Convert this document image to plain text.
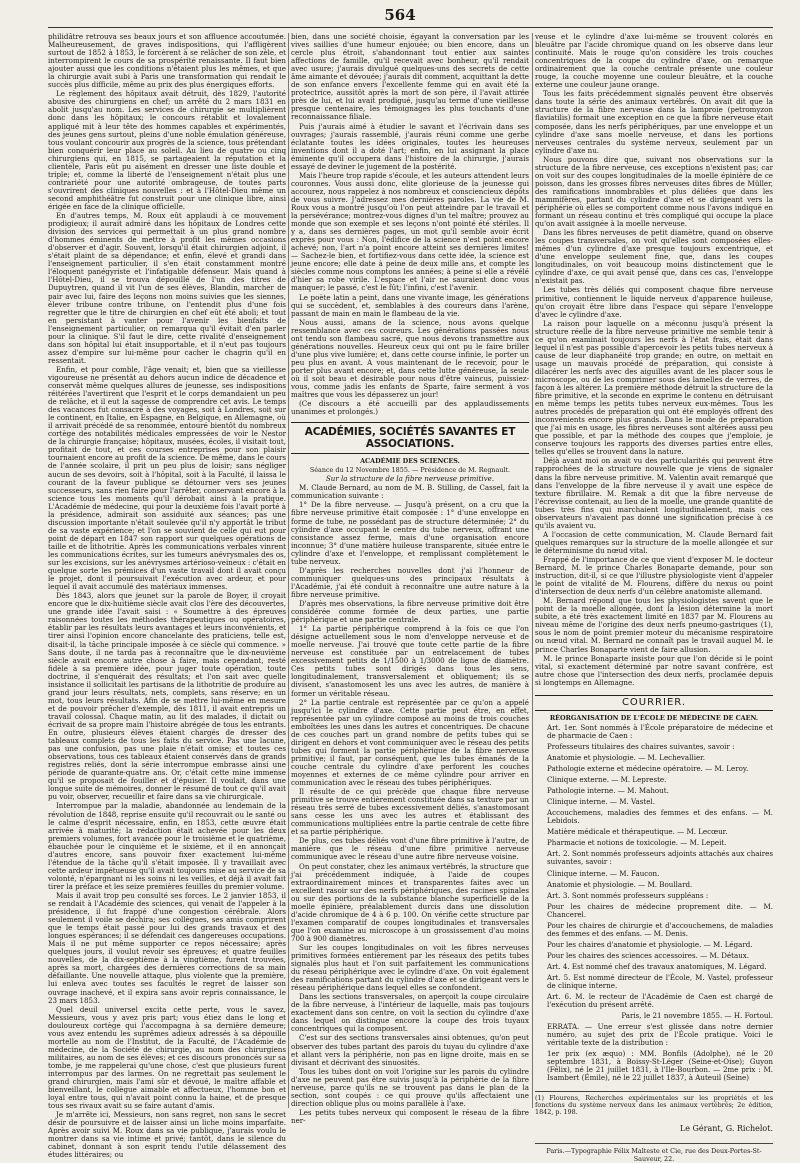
564

philidâtre retrouva ses beaux jours et son affluence accoutumée. Malheureusement, de graves indispositions, qui l'affligèrent surtout de 1852 à 1853, le forcèrent à se relâcher de son zèle, et interrompirent le cours de sa prospérité renaissante. Il faut bien ajouter aussi que les conditions n'étaient plus les mêmes, et que la chirurgie avait subi à Paris une transformation qui rendait le succès plus difficile, même au prix des plus énergiques efforts.

Le règlement des hôpitaux avait détruit, dès 1829, l'autorité abusive des chirurgiens en chef; un arrêté du 2 mars 1831 en abolit jusqu'au nom. Les services de chirurgie se multiplièrent donc dans les hôpitaux; le concours rétablit et lovalement appliqué mit à leur tête des hommes capables et expérimentés, des jeunes gens surtout, pleins d'une noble émulation généreuse, tous voulant concourir aux progrès de la science, tous prétendant bien conquérir leur place au soleil. Au lieu de quatre ou cinq chirurgiens qui, en 1815, se partageaient la réputation et la clientèle, Paris eût pu aisément en dresser une liste double et triple; et, comme la liberté de l'enseignement n'était plus une contrariété pour une autorité ombrageuse, de toutes parts s'ouvrirent des cliniques nouvelles : et à l'Hôtel-Dieu même un second amphithéâtre fut construit pour une clinique libre, ainsi érigée en face de la clinique officielle.

En d'autres temps, M. Roux eût applaudi à ce mouvement prodigieux; il aurait admiré dans les hôpitaux de Londres cette division des services qui permettait à un plus grand nombre d'hommes éminents de mettre à profit les mêmes occasions d'observer et d'agir. Souvent, lorsqu'il était chirurgien adjoint, il s'était plaint de sa dépendance; et enfin, élevé et grandi dans l'enseignement particulier, il s'en était constamment montré l'éloquent panégyriste et l'infatigable défenseur. Mais quand à l'Hôtel-Dieu, il se trouva dépouillé de l'un des titres de Dupuytren, quand il vit l'un de ses élèves, Blandin, marcher de pair avec lui, faire des leçons non moins suivies que les siennes, élever tribune contre tribune, on l'entendit plus d'une fois regretter que le titre de chirurgien en chef eût été aboli; et tout en persistant à vanter pour l'avenir les bienfaits de l'enseignement particulier, on remarqua qu'il évitait d'en parler pour la clinique. S'il faut le dire, cette rivalité d'enseignement dans son hôpital lui était insupportable, et il n'eut pas toujours assez d'empire sur lui-même pour cacher le chagrin qu'il en ressentait.

Enfin, et pour comble, l'âge venait; et, bien que sa vieillesse vigoureuse ne présentât au dehors aucun indice de décadence et conservât même quelques allures de jeunesse, ses indispositions réitérées l'avertirent que l'esprit et le corps demandaient un peu de relâche, et il eut la sagesse de comprendre cet avis. Le temps des vacances fut consacré à des voyages, soit à Londres, soit sur le continent, en Italie, en Espagne, en Belgique, en Allemagne, où il arrivait précédé de sa renommée, entouré bientôt du nombreux cortège des notabilités médicales empressées de voir le Nestor de la chirurgie française; hôpitaux, musées, écoles, il visitait tout, profitait de tout, et ces courses entreprises pour son plaisir tournaient encore au profit de la science. De même, dans le cours de l'année scolaire, il prit un peu plus de loisir; sans négliger aucun de ses devoirs, soit à l'hôpital, soit à la Faculté, il laissa le courant de la faveur publique se détourner vers ses jeunes successeurs, sans rien faire pour l'arrêter, conservant encore à la science tous les moments qu'il dérobait ainsi à la pratique. L'Académie de médecine, qui pour la deuxième fois l'avait porté à la présidence, admirait son assiduité aux séances; pas une discussion importante n'était soulevée qu'il n'y apportât le tribut de sa vaste expérience; et l'on se souvient de celle qui eut pour point de départ en 1847 son rapport sur quelques opérations de taille et de lithotritie. Après les communications verbales vinrent les communications écrites, sur les tumeurs anévrysmales des os, sur les excisions, sur les anévrysmes artérioso-veineux : c'était en quelque sorte les prémices d'un vaste travail dont il avait conçu le projet, dont il poursuivait l'exécution avec ardeur, et pour lequel il avait accumulé des matériaux immenses.

Dès 1843, alors que jeunet sur la parole de Boyer, il croyait encore que le dix-huitième siècle avait clos l'ère des découvertes, une grande idée l'avait saisi : « Soumettre à des épreuves raisonnées toutes les méthodes thérapeutiques ou opératoires, établir par les résultats leurs avantages et leurs inconvénients, et tirer ainsi l'opinion encore chancelante des praticiens, telle est, disait-il, la tâche principale imposée à ce siècle qui commence. » Sans doute, il ne tarda pas à reconnaître que le dix-neuvième siècle avait encore autre chose à faire, mais cependant, resté fidèle à sa première idée, pour juger toute opération, toute doctrine, il s'enquérait des résultats; et l'on sait avec quelle insistance il sollicitait les partisans de la lithotritie de produire au grand jour leurs résultats, nets, complets, sans réserve; en un mot, tous leurs résultats. Afin de se mettre lui-même en mesure et de pouvoir prêcher d'exemple, dès 1811, il avait entrepris un travail colossal. Chaque matin, au lit des malades, il dictait ou écrivait de sa propre main l'histoire abrégée de tous les entrants. En outre, plusieurs élèves étaient chargés de dresser des tableaux complets de tous les faits du service. Pas une lacune, pas une confusion, pas une plaie n'était omise; et toutes ces observations, tous ces tableaux étaient conservés dans de grands registres reliés, dont la série interrompue embrasse ainsi une période de quarante-quatre ans. Or, c'était cette mine immense qu'il se proposait de fouiller et d'épuiser. Il voulait, dans une longue suite de mémoires, donner le résumé de tout ce qu'il avait pu voir, observer, recueillir et faire dans sa vie chirurgicale.

Interrompue par la maladie, abandonnée au lendemain de la révolution de 1848, reprise ensuite qu'il recouvrait ou le santé ou le calme d'esprit nécessaire, enfin, en 1853, cette œuvre était arrivée à maturité; la rédaction était achevée pour les deux premiers volumes, fort avancée pour le troisième et le quatrième, ébauchée pour le cinquième et le sixième, et il en annonçait d'autres encore, sans pouvoir fixer exactement lui-même l'étendue de la tâche qu'il s'était imposée. Il y travaillait avec cette ardeur impétueuse qu'il avait toujours mise au service de sa volonté, n'épargnant ni les soins ni les veilles, et déjà il avait fait tirer la préface et les seize premières feuilles du premier volume.

Mais il avait trop peu consulté ses forces. Le 2 janvier 1853, il se rendait à l'Académie des sciences, qui venait de l'appeler à la présidence, il fut frappé d'une congestion cérébrale. Alors seulement il voile se déchira; ses collègues, ses amis comprirent que le temps était passé pour lui des grands travaux et des longues espérances; il se défendait ces dangereuses occupations. Mais il ne put même supporter ce repos nécessaire; après quelques jours, il voulut revoir ses épreuves; et quatre feuilles nouvelles, de la dix-septième à la vingtième, furent trouvées, après sa mort, chargées des dernières corrections de sa main défaillante. Une nouvelle attaque, plus violente que la première, lui enleva avec toutes ses facultés le regret de laisser son ouvrage inachevé, et il expira sans avoir repris connaissance, le 23 mars 1853.

Quel deuil universel excita cette perte, vous le savez, Messieurs, vous y avez pris part; vous étiez dans le long et douloureux cortège qui l'accompagna à sa dernière demeure; vous avez entendu les suprêmes adieux adressés à sa dépouille mortelle au nom de l'Institut, de la Faculté, de l'Académie de médecine, de la Société de chirurgie, au nom des chirurgiens militaires, au nom de ses élèves; et ces discours prononcés sur sa tombe, je me rappelerai qu'une chose, c'est que plusieurs furent interrompus par des larmes. On ne regrettait pas seulement le grand chirurgien, mais l'ami sûr et dévoué, le maître affable et bienveillant, le collègue aimable et affectueux, l'homme bon et loyal entre tous, qui n'avait point connu la haine, et de presque tous ses rivaux avait su se faire autant d'amis.

Je m'arrête ici, Messieurs, non sans regret, non sans le secret désir de poursuivre et de laisser ainsi un liche moins imparfaite. Après avoir suivi M. Roux dans sa vie publique, j'aurais voulu le montrer dans sa vie intime et privé; tantôt, dans le silence du cabinet, donnant à son esprit tendu l'utile délassement des études littéraires; ou

bien, dans une société choisie, égayant la conversation par les vives saillies d'une humeur enjouée; ou bien encore, dans un cercle plus étroit, s'abandonnant tout entier aux saintes affections de famille, qu'il recevait avec bonheur, qu'il rendait avec usure; j'aurais divulgué quelques-uns des secrets de cette âme aimante et dévouée; j'aurais dit comment, acquittant la dette de son enfance envers l'excellente femme qui en avait été la protectrice, aussitôt après la mort de son père, il l'avait attirée près de lui, et lui avait prodigué, jusqu'au terme d'une vieillesse presque centenaire, les témoignages les plus touchants d'une reconnaissance filiale.

Puis j'aurais aimé à étudier le savant et l'écrivain dans ses ouvrages; j'aurais rassemblé, j'aurais réuni comme une gerbe éclatante toutes les idées originales, toutes les heureuses inventions dont il a doté l'art; enfin, en lui assignant la place éminente qu'il occupera dans l'histoire de la chirurgie, j'aurais essayé de deviner le jugement de la postérité.

Mais l'heure trop rapide s'écoule, et les auteurs attendent leurs couronnes. Vous aussi donc, elite glorieuse de la jeunesse qui accourez, nous rappelez à nos nombreux et consciencieux dépôts de vous suivre. J'adressez mes dernières paroles. La vie de M. Roux vous a montré jusqu'où l'on peut atteindre par le travail et la persévérance; montrez-vous dignes d'un tel maître; prouvez au monde que son exemple et ses leçons n'ont pointé été stériles. Il y a, dans ses dernières pages, un mot qu'il semble avoir écrit exprès pour vous : Non, l'édifice de la science n'est point encore achevé; non, l'art n'a point encore atteint ses dernières limites! — Sachez-le bien, et fortifiez-vous dans cette idée, la science est jeune encore; elle date à peine de deux mille ans, et compte les siècles comme nous comptons les années; à peine si elle a révélé d'hier sa robe virile. L'espace et l'air ne sauraient donc vous manquer; le passé, c'est le fût; l'infini, c'est l'avenir.

Le poète latin a peint, dans une vivante image, les générations qui se succèdent, et, semblables à des coureurs dans l'arène, passant de main en main le flambeau de la vie.

Nous aussi, amans de la science, nous avons quelque ressemblance avec ces coureurs. Les générations passées nous ont tendu son flambeau sacré, que nous devons transmettre aux générations nouvelles. Heureux ceux qui ont pu le faire briller d'une plus vive lumière; et, dans cette course infinie, le porter un peu plus en avant. A vous maintenant de le recevoir, pour le porter plus avant encore; et, dans cette lutte généreuse, la seule où il soit beau et désirable pour nous d'être vaincus, puissiez-vous, comme jadis les enfants de Sparte, faire serment à vos maîtres que vous les dépasserez un jour!

(Ce discours a été accueilli par des applaudissements unanimes et prolongés.)

ACADÉMIES, SOCIÉTÉS SAVANTES ET ASSOCIATIONS.

ACADÉMIE DES SCIENCES.

Séance du 12 Novembre 1855. — Présidence de M. Regnault.

Sur la structure de la fibre nerveuse primitive.

M. Claude Bernard, au nom de M. B. Stilling, de Cassel, fait la communication suivante :

1° De la fibre nerveuse. — Jusqu'à présent, on a cru que la fibre nerveuse primitive était composée : 1° d'une enveloppe en forme de tube, ne possédant pas de structure déterminée; 2° du cylindre d'axe occupant le centre du tube nerveux, offrant une consistance assez ferme, mais d'une organisation encore inconnue; 3° d'une matière huileuse transparente, située entre le cylindre d'axe et l'enveloppe, et remplissant complètement le tube nerveux.

D'après les recherches nouvelles dont j'ai l'honneur de communiquer quelques-uns des principaux résultats à l'Académie, j'ai été conduit à reconnaître une autre nature à la fibre nerveuse primitive.

D'après mes observations, la fibre nerveuse primitive doit être considérée comme formée de deux parties, une partie périphérique et une partie centrale.

1° La partie périphérique comprend à la fois ce que l'on désigne actuellement sous le nom d'enveloppe nerveuse et de moelle nerveuse. J'ai trouvé que toute cette partie de la fibre nerveuse est constituée par un entrelacement de tubes excessivement petits de 1/1500 à 1/3000 de ligne de diamètre. Ces petits tubes sont dirigés dans tous les sens, longitudinalement, transversalement et obliquement; ils se divisent, s'anastomosent les uns avec les autres, de manière à former un véritable réseau.

2° La partie centrale est représentée par ce qu'on a appelé jusqu'ici le cylindre d'axe. Cette partie peut être, en effet, représentée par un cylindre composé au moins de trois couches emboîtées les unes dans les autres et concentriques. De chacune de ces couches part un grand nombre de petits tubes qui se dirigent en dehors et vont communiquer avec le réseau des petits tubes qui forment la partie périphérique de la fibre nerveuse primitive; il faut, par conséquent, que les tubes émanés de la couche centrale du cylindre d'axe perforent les couches moyennes et externes de ce même cylindre pour arriver en communication avec le réseau des tubes périphériques.

Il résulte de ce qui précède que chaque fibre nerveuse primitive se trouve entièrement constituée dans sa texture par un réseau très serré de tubes excessivement déliés, s'anastomosant sans cesse les uns avec les autres et établissant des communications multipliées entre la partie centrale de cette fibre et sa partie périphérique.

De plus, ces tubes déliés vont d'une fibre primitive à l'autre, de manière que le réseau d'une fibre primitive nerveuse communique avec le réseau d'une autre fibre nerveuse voisine.

On peut constater, chez les animaux vertébrés, la structure que j'ai précédemment indiquée, à l'aide de coupes extraordinairement minces et transparentes faites avec un excellent rasoir sur des nerfs périphériques, des racines spinales ou sur des portions de la substance blanche superficielle de la moelle épinière, préalablement durcis dans une dissolution d'acide chromique de 4 à 6 p. 100. On vérifie cette structure par l'examen comparatif de coupes longitudinales et transversales que l'on examine au microscope à un grossissement d'au moins 700 à 900 diamètres.

Sur les coupes longitudinales on voit les fibres nerveuses primitives formées entièrement par les réseaux des petits tubes signalés plus haut et l'on suit parfaitement les communications du réseau périphérique avec le cylindre d'axe. On voit également des ramifications partant du cylindre d'axe et se dirigeant vers le réseau périphérique dans lequel elles se confondent.

Dans les sections transversales, on aperçoit la coupe circulaire de la fibre nerveuse, à l'intérieur de laquelle, mais pas toujours exactement dans son centre, on voit la section du cylindre d'axe dans lequel on distingue encore la coupe des trois tuyaux concentriques qui la composent.

C'est sur des sections transversales ainsi obtenues, qu'on peut observer des tubes partant des parois du tuyau du cylindre d'axe et allant vers la périphérie, non pas en ligne droite, mais en se divisant et décrivant des sinuosités.

Tous les tubes dont on voit l'origine sur les parois du cylindre d'axe ne peuvent pas être suivis jusqu'à la périphérie de la fibre nerveuse, parce qu'ils ne se trouvent pas dans le plan de la section, sont coupés : ce qui prouve qu'ils affectaient une direction oblique plus ou moins parallèle à l'axe.

Les petits tubes nerveux qui composent le réseau de la fibre ner-

veuse et le cylindre d'axe lui-même se trouvent colorés en bleuâtre par l'acide chromique quand on les observe dans leur continuité. Mais le rouge qu'on considère les trois couches concentriques de la coupe du cylindre d'axe, on remarque ordinairement que la couche centrale présente une couleur rouge, la couche moyenne une couleur bleuâtre, et la couche externe une couleur jaune orange.

Tous les faits précédemment signalés peuvent être observés dans toute la série des animaux vertébrés. On avait dit que la structure de la fibre nerveuse dans la lamproie (petromyzon flaviatilis) formait une exception en ce que la fibre nerveuse était composée, dans les nerfs périphériques, par une enveloppe et un cylindre d'axe sans moelle nerveuse, et dans les portions nerveuses centrales du système nerveux, seulement par un cylindre d'axe nu.

Nous pouvons dire que, suivant nos observations sur la structure de la fibre nerveuse, ces exceptions n'existent pas; car on voit sur des coupes longitudinales de la moelle épinière de ce poisson, dans les grosses fibres nerveuses dites fibres de Müller, des ramifications innombrables et plus déliées que dans les mammifères, partant du cylindre d'axe et se dirigeant vers la périphérie où elles se comportent comme nous l'avons indiqué en formant un réseau continu et très compliqué qui occupe la place qu'on avait assignée à la moelle nerveuse.

Dans les fibres nerveuses de petit diamètre, quand on observe les coupes transversales, on voit qu'elles sont composées elles-mêmes d'un cylindre d'axe presque toujours excentrique, et d'une enveloppe seulement fine, que, dans les coupes longitudinales, on voit beaucoup moins distinctement que le cylindre d'axe, ce qui avait pensé que, dans ces cas, l'enveloppe n'existait pas.

Les tubes très déliés qui composent chaque fibre nerveuse primitive, contiennent le liquide nerveux d'apparence huileuse, qu'on croyait être libre dans l'espace qui sépare l'enveloppe d'avec le cylindre d'axe.

La raison pour laquelle on a méconnu jusqu'à présent la structure réelle de la fibre nerveuse primitive me semble tenir à ce qu'on examinait toujours les nerfs à l'état frais, était dans lequel il n'est pas possible d'apercevoir les petits tubes nerveux à cause de leur diaphanéité trop grande; en outre, on mettait en usage un mauvais procédé de préparation, qui consiste à dilacérer les nerfs avec des aiguilles avant de les placer sous le microscope, ou de les comprimer sous des lamelles de verres, de façon à les altérer. La première méthode détruit la structure de la fibre primitive, et la seconde en exprime le contenu en détruisant en même temps les petits tubes nerveux eux-mêmes. Tous les autres procédés de préparation qui ont été employés offrent des inconvénients encore plus grands. Dans le mode de préparation que j'ai mis en usage, les fibres nerveuses sont altérées aussi peu que possible, et par la méthode des coupes que j'emploie, je conserve toujours les rapports des diverses parties entre elles, telles qu'elles se trouvent dans la nature.

Déjà avant moi on avait vu des particularités qui peuvent être rapprochées de la structure nouvelle que je viens de signaler dans la fibre nerveuse primitive. M. Valentin avait remarqué que dans l'enveloppe de la fibre nerveuse il y avait une espèce de texture fibrillaire. M. Remak a dit que la fibre nerveuse de l'écrevisse contenait, au lieu de la moelle, une grande quantité de tubes très fins qui marchaient longitudinalement, mais ces observateurs n'avaient pas donné une signification précise à ce qu'ils avaient vu.

A l'occasion de cette communication, M. Claude Bernard fait quelques remarques sur la structure de la moelle allongée et sur le déterminisme du nœud vital.

Frappé de l'importance de ce que vient d'exposer M. le docteur Bernard, M. le prince Charles Bonaparte demande, pour son instruction, dit-il, si ce que l'illustre physiologiste vient d'appeler le point de vitalité de M. Flourens, diffère du nexus ou point d'intersection de deux nerfs d'un célèbre anatomiste allemand.

M. Bernard répond que tous les physiologistes savent que le point de la moelle allongée, dont la lésion détermine la mort subite, a été très exactement limité en 1837 par M. Flourens au niveau même de l'origine des deux nerfs pneumo-gastriques (1), sous le nom de point premier moteur du mécanisme respiratoire ou nœud vital. M. Bernard ne connaît pas le travail auquel M. le prince Charles Bonaparte vient de faire allusion.

M. le prince Bonaparte insiste pour que l'on décide si le point vital, si exactement déterminé par notre savant confrère, est autre chose que l'intersection des deux nerfs, proclamée depuis si longtemps en Allemagne.

COURRIER.

RÉORGANISATION DE L'ÉCOLE DE MÉDECINE DE CAEN.

Art. 1er. Sont nommés à l'École préparatoire de médecine et de pharmacie de Caen :

Professeurs titulaires des chaires suivantes, savoir :

Anatomie et physiologie. — M. Lechevallier.

Pathologie externe et médecine opératoire. — M. Leroy.

Clinique externe. — M. Lepreste.

Pathologie interne. — M. Mahout.

Clinique interne. — M. Vastel.

Accouchemens, maladies des femmes et des enfans. — M. Lebidois.

Matière médicale et thérapeutique. — M. Lecœur.

Pharmacie et notions de toxicologie. — M. Lepeit.

Art. 2. Sont nommés professeurs adjoints attachés aux chaires suivantes, savoir :

Clinique interne. — M. Faucon.

Anatomie et physiologie. — M. Boullard.

Art. 3. Sont nommés professeurs suppléans :

Pour les chaires de médecine proprement dite. — M. Chancerel.

Pour les chaires de chirurgie et d'accouchemens, de maladies des femmes et des enfans. — M. Denis.

Pour les chaires d'anatomie et physiologie. — M. Légard.

Pour les chaires des sciences accessoires. — M. Détaux.

Art. 4. Est nommé chef des travaux anatomiques, M. Légard.

Art. 5. Est nommé directeur de l'École, M. Vastel, professeur de clinique interne.

Art. 6. M. le recteur de l'Académie de Caen est chargé de l'exécution du présent arrêté.

Paris, le 21 novembre 1855. — H. Fortoul.

ERRATA. — Une erreur s'est glissée dans notre dernier numéro, au sujet des prix de l'École pratique. Voici le véritable texte de la distribution :

1er prix (ex æquo) : MM. Bonfils (Adolphe), né le 20 septembre 1831, à Boissy-St-Léger (Seine-et-Oise); Guyon (Félix), né le 21 juillet 1831, à l'Ile-Bourbon. — 2me prix : M. Isambert (Émile), né le 22 juillet 1837, à Auteuil (Seine)

(1) Flourens, Recherches expérimentales sur les propriétés et les fonctions du système nerveux dans les animaux vertébrés; 2e édition, 1842, p. 198.

Le Gérant, G. Richelot.

Paris.—Typographie Félix Malteste et Cie, rue des Deux-Portes-St-Sauveur, 22.
